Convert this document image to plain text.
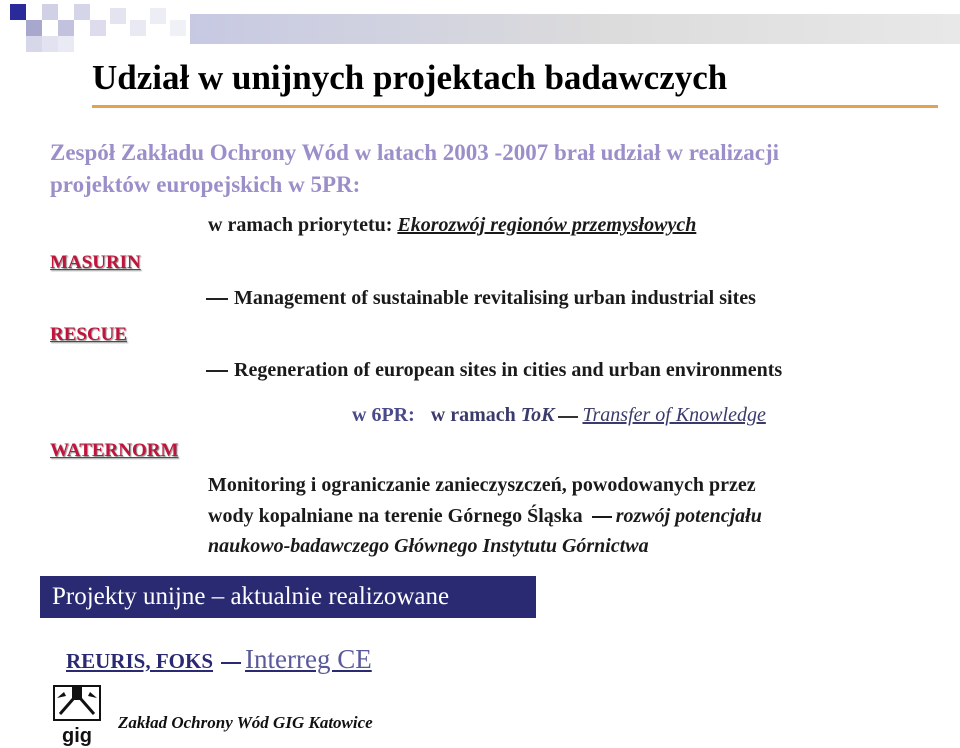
Udział w unijnych projektach badawczych
Zespół Zakładu Ochrony Wód w latach 2003 -2007 brał udział w realizacji
projektów europejskich w 5PR:
w ramach priorytetu: Ekorozwój regionów przemysłowych
MASURIN
Management of sustainable revitalising urban industrial sites
RESCUE
Regeneration of european sites in cities and urban environments
w 6PR: w ramach ToK Transfer of Knowledge
WATERNORM
Monitoring i ograniczanie zanieczyszczeń, powodowanych przez
wody kopalniane na terenie Górnego Śląska rozwój potencjału
naukowo-badawczego Głównego Instytutu Górnictwa
Projekty unijne – aktualnie realizowane
REURIS, FOKS Interreg CE
gig
Zakład Ochrony Wód GIG Katowice
